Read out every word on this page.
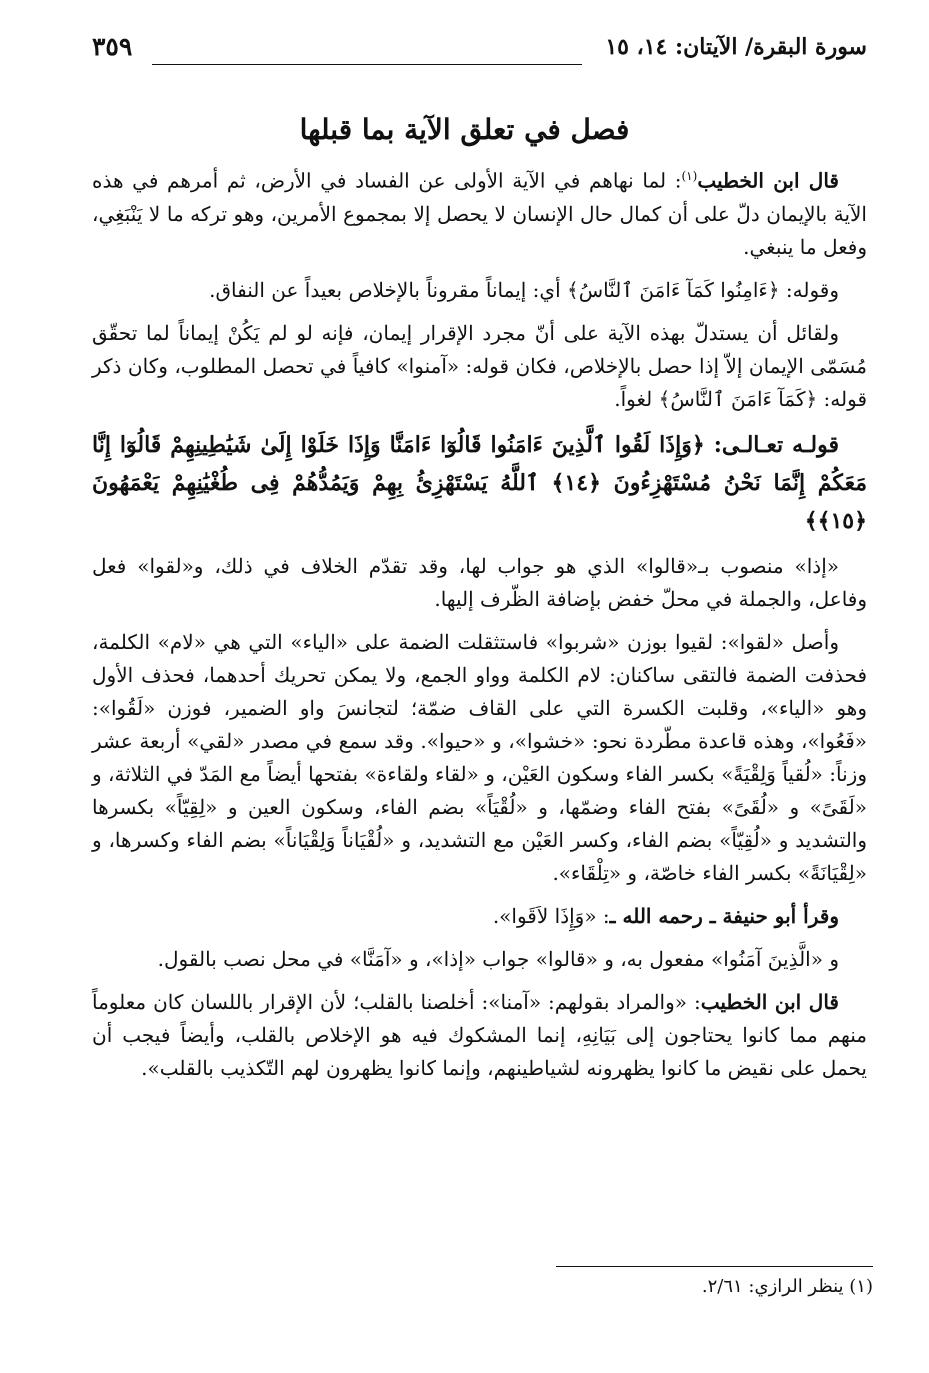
سورة البقرة/ الآيتان: ١٤، ١٥
٣٥٩
فصل في تعلق الآية بما قبلها

قال ابن الخطيب$^{(١)}$: لما نهاهم في الآية الأولى عن الفساد في الأرض، ثم أمرهم في هذه الآية بالإيمان دلّ على أن كمال حال الإنسان لا يحصل إلا بمجموع الأمرين، وهو تركه ما لا يَنْبَغِي، وفعل ما ينبغي.

وقوله: ﴿ءَامِنُوا كَمَآ ءَامَنَ ٱلنَّاسُ﴾ أي: إيماناً مقروناً بالإخلاص بعيداً عن النفاق.

ولقائل أن يستدلّ بهذه الآية على أنّ مجرد الإقرار إيمان، فإنه لو لم يَكُنْ إيماناً لما تحقّق مُسَمّى الإيمان إلاّ إذا حصل بالإخلاص، فكان قوله: «آمنوا» كافياً في تحصل المطلوب، وكان ذكر قوله: ﴿كَمَآ ءَامَنَ ٱلنَّاسُ﴾ لغواً.

قولـه تعـالـى: ﴿وَإِذَا لَقُوا ٱلَّذِينَ ءَامَنُوا قَالُوٓا ءَامَنَّا وَإِذَا خَلَوْا إِلَىٰ شَيَٰطِينِهِمْ قَالُوٓا إِنَّا مَعَكُمْ إِنَّمَا نَحْنُ مُسْتَهْزِءُونَ ﴿١٤﴾ ٱللَّهُ يَسْتَهْزِئُ بِهِمْ وَيَمُدُّهُمْ فِى طُغْيَٰنِهِمْ يَعْمَهُونَ ﴿١٥﴾﴾

«إذا» منصوب بـ«قالوا» الذي هو جواب لها، وقد تقدّم الخلاف في ذلك، و«لقوا» فعل وفاعل، والجملة في محلّ خفض بإضافة الظّرف إليها.

وأصل «لقوا»: لقيوا بوزن «شربوا» فاستثقلت الضمة على «الياء» التي هي «لام» الكلمة، فحذفت الضمة فالتقى ساكنان: لام الكلمة وواو الجمع، ولا يمكن تحريك أحدهما، فحذف الأول وهو «الياء»، وقلبت الكسرة التي على القاف ضمّة؛ لتجانسَ واو الضمير، فوزن «لَقُوا»: «فَعُوا»، وهذه قاعدة مطّردة نحو: «خشوا»، و «حيوا». وقد سمع في مصدر «لقي» أربعة عشر وزناً: «لُقياً وَلِقْيَةً» بكسر الفاء وسكون العَيْن، و «لقاء ولقاءة» بفتحها أيضاً مع المَدّ في الثلاثة، و «لَقَىً» و «لُقَىً» بفتح الفاء وضمّها، و «لُقْيَاً» بضم الفاء، وسكون العين و «لِقِيّاً» بكسرها والتشديد و «لُقِيّاً» بضم الفاء، وكسر العَيْن مع التشديد، و «لُقْيَاناً وَلِقْيَاناً» بضم الفاء وكسرها، و «لِقْيَانَةً» بكسر الفاء خاصّة، و «تِلْقَاء».

وقرأ أبو حنيفة ـ رحمه الله ـ: «وَإِذَا لاَقَوا».

و «الَّذِينَ آمَنُوا» مفعول به، و «قالوا» جواب «إذا»، و «آمَنَّا» في محل نصب بالقول.

قال ابن الخطيب: «والمراد بقولهم: «آمنا»: أخلصنا بالقلب؛ لأن الإقرار باللسان كان معلوماً منهم مما كانوا يحتاجون إلى بَيَانِهِ، إنما المشكوك فيه هو الإخلاص بالقلب، وأيضاً فيجب أن يحمل على نقيض ما كانوا يظهرونه لشياطينهم، وإنما كانوا يظهرون لهم التّكذيب بالقلب».

(١) ينظر الرازي: ٢/٦١.
